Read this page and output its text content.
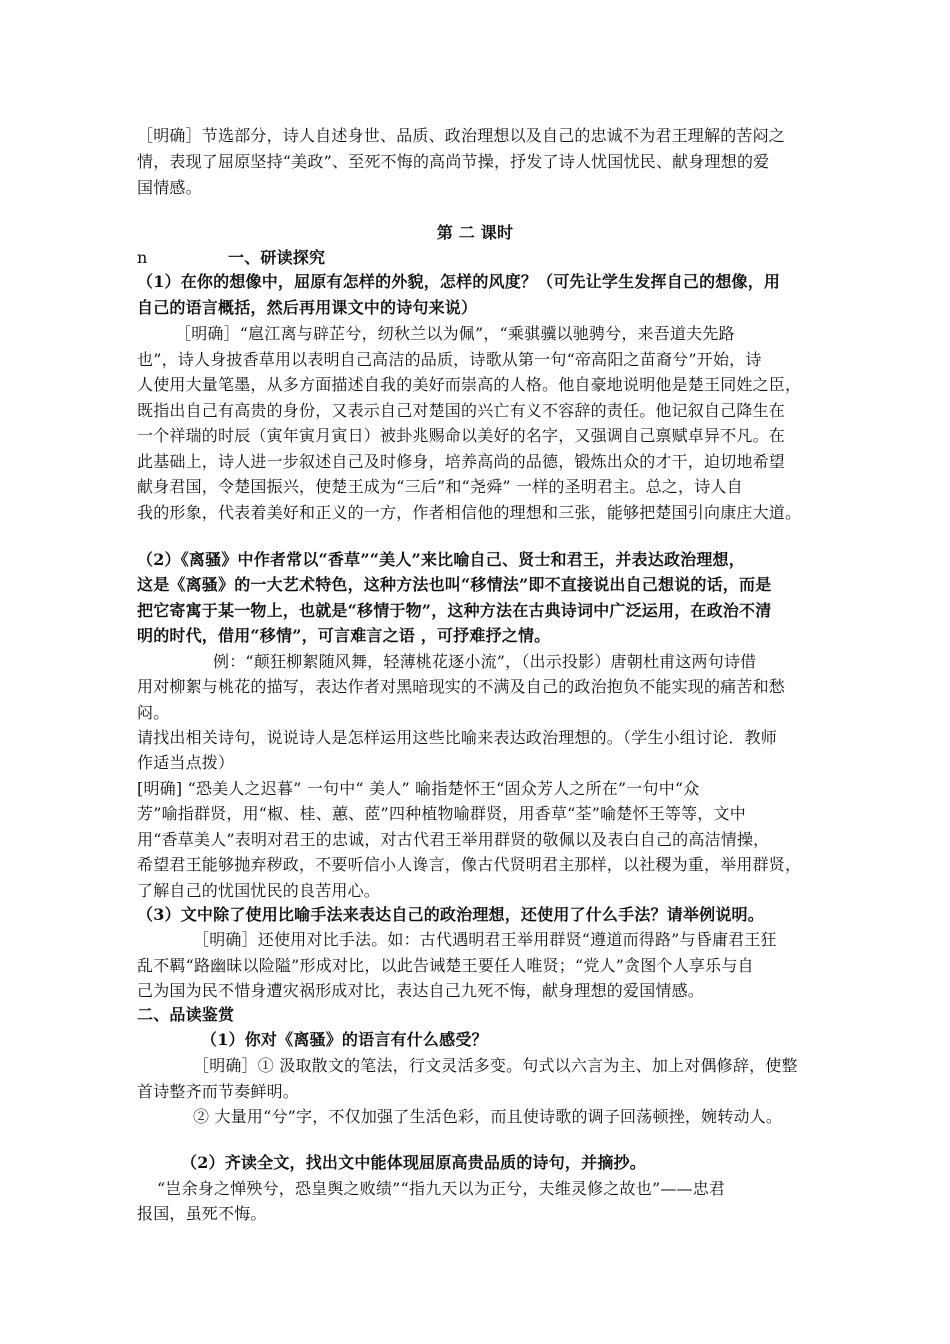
［明确］节选部分，诗人自述身世、品质、政治理想以及自己的忠诚不为君王理解的苦闷之
情，表现了屈原坚持“美政”、至死不悔的高尚节操，抒发了诗人忧国忧民、献身理想的爱
国情感。
第 二 课时
n	一、研读探究
（1）在你的想像中，屈原有怎样的外貌，怎样的风度？（可先让学生发挥自己的想像，用
自己的语言概括，然后再用课文中的诗句来说）
［明确］“扈江离与辟芷兮，纫秋兰以为佩”，“乘骐骥以驰骋兮，来吾道夫先路
也”，诗人身披香草用以表明自己高洁的品质，诗歌从第一句“帝高阳之苗裔兮”开始，诗
人使用大量笔墨，从多方面描述自我的美好而崇高的人格。他自豪地说明他是楚王同姓之臣，
既指出自己有高贵的身份，又表示自己对楚国的兴亡有义不容辞的责任。他记叙自己降生在
一个祥瑞的时辰（寅年寅月寅日）被卦兆赐命以美好的名字，又强调自己禀赋卓异不凡。在
此基础上，诗人进一步叙述自己及时修身，培养高尚的品德，锻炼出众的才干，迫切地希望
献身君国，令楚国振兴，使楚王成为“三后”和“尧舜” 一样的圣明君主。总之，诗人自
我的形象，代表着美好和正义的一方，作者相信他的理想和三张，能够把楚国引向康庄大道。
（2）《离骚》中作者常以“香草”“美人”来比喻自己、贤士和君王，并表达政治理想，
这是《离骚》的一大艺术特色，这种方法也叫“移情法”即不直接说出自己想说的话，而是
把它寄寓于某一物上，也就是“移情于物”，这种方法在古典诗词中广泛运用，在政治不清
明的时代，借用“移情”，可言难言之语 ，可抒难抒之情。
例：“颠狂柳絮随风舞，轻薄桃花逐小流”，（出示投影）唐朝杜甫这两句诗借
用对柳絮与桃花的描写，表达作者对黑暗现实的不满及自己的政治抱负不能实现的痛苦和愁
闷。
请找出相关诗句，说说诗人是怎样运用这些比喻来表达政治理想的。（学生小组讨论．教师
作适当点拨）
[明确] “恐美人之迟暮” 一句中“ 美人” 喻指楚怀王“固众芳人之所在”一句中“众
芳”喻指群贤，用“椒、桂、蕙、茝”四种植物喻群贤，用香草“荃”喻楚怀王等等，文中
用“香草美人”表明对君王的忠诚，对古代君王举用群贤的敬佩以及表白自己的高洁情操，
希望君王能够抛弃秽政，不要听信小人谗言，像古代贤明君主那样，以社稷为重，举用群贤，
了解自己的忧国忧民的良苦用心。
（3）文中除了使用比喻手法来表达自己的政治理想，还使用了什么手法？请举例说明。
［明确］还使用对比手法。如：古代遇明君王举用群贤“遵道而得路”与昏庸君王狂
乱不羁“路幽昧以险隘”形成对比，以此告诫楚王要任人唯贤；“党人”贪图个人享乐与自
己为国为民不惜身遭灾祸形成对比，表达自己九死不悔，献身理想的爱国情感。
二、品读鉴赏
（1）你对《离骚》的语言有什么感受？
［明确］① 汲取散文的笔法，行文灵活多变。句式以六言为主、加上对偶修辞，使整
首诗整齐而节奏鲜明。
② 大量用“兮”字，不仅加强了生活色彩，而且使诗歌的调子回荡顿挫，婉转动人。
（2）齐读全文，找出文中能体现屈原高贵品质的诗句，并摘抄。
“岂余身之惮殃兮，恐皇舆之败绩”“指九天以为正兮，夫维灵修之故也”——忠君
报国，虽死不悔。
